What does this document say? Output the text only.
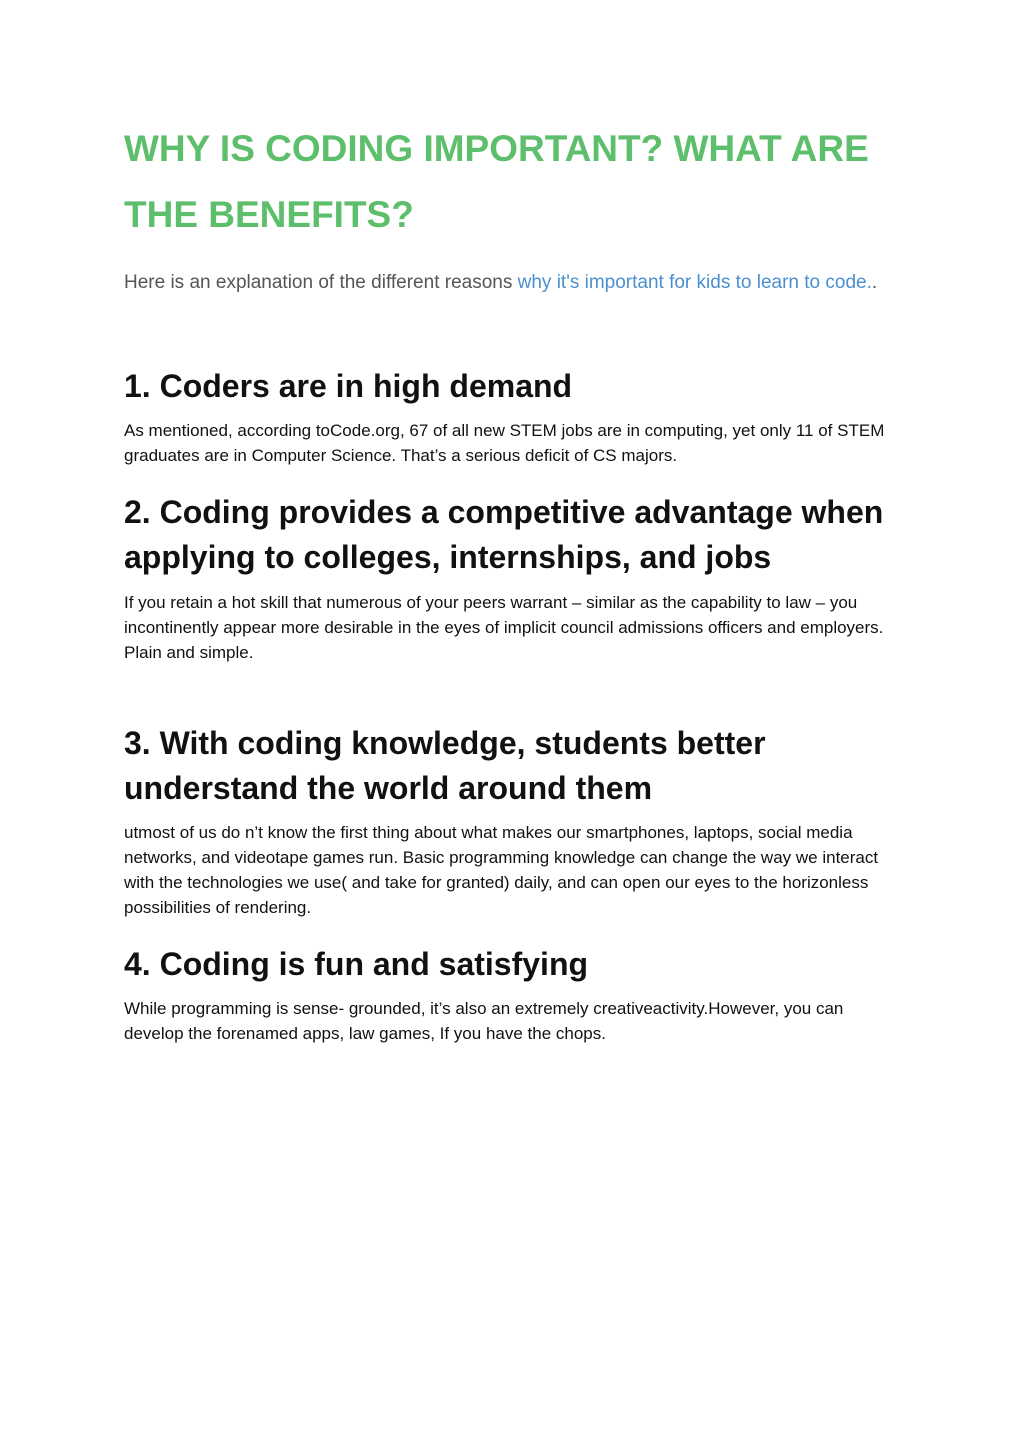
WHY IS CODING IMPORTANT? WHAT ARE THE BENEFITS?

Here is an explanation of the different reasons why it's important for kids to learn to code..

1. Coders are in high demand

As mentioned, according toCode.org, 67 of all new STEM jobs are in computing, yet only 11 of STEM graduates are in Computer Science. That’s a serious deficit of CS majors.

2. Coding provides a competitive advantage when applying to colleges, internships, and jobs

If you retain a hot skill that numerous of your peers warrant – similar as the capability to law – you incontinently appear more desirable in the eyes of implicit council admissions officers and employers. Plain and simple.

3. With coding knowledge, students better understand the world around them

utmost of us do n’t know the first thing about what makes our smartphones, laptops, social media networks, and videotape games run. Basic programming knowledge can change the way we interact with the technologies we use( and take for granted) daily, and can open our eyes to the horizonless possibilities of rendering.

4. Coding is fun and satisfying

While programming is sense- grounded, it’s also an extremely creativeactivity.However, you can develop the forenamed apps, law games, If you have the chops.
